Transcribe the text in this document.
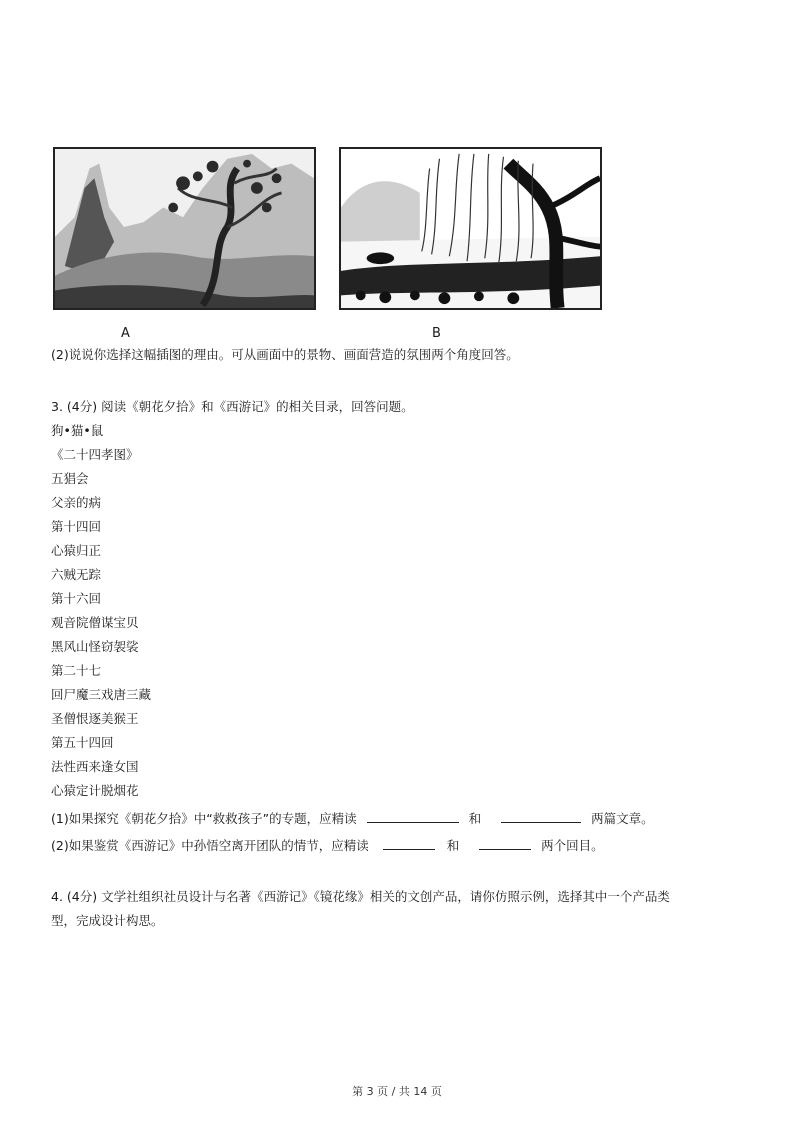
A	B
(2)说说你选择这幅插图的理由。可从画面中的景物、画面营造的氛围两个角度回答。
3. (4分) 阅读《朝花夕拾》和《西游记》的相关目录，回答问题。
狗•猫•鼠
《二十四孝图》
五猖会
父亲的病
第十四回
心猿归正
六贼无踪
第十六回
观音院僧谋宝贝
黑风山怪窃袈裟
第二十七
回尸魔三戏唐三藏
圣僧恨逐美猴王
第五十四回
法性西来逢女国
心猿定计脱烟花
(1)如果探究《朝花夕拾》中“救救孩子”的专题，应精读	和	两篇文章。
(2)如果鉴赏《西游记》中孙悟空离开团队的情节，应精读	和	两个回目。
4. (4分) 文学社组织社员设计与名著《西游记》《镜花缘》相关的文创产品，请你仿照示例，选择其中一个产品类
型，完成设计构思。
第 3 页 / 共 14 页
